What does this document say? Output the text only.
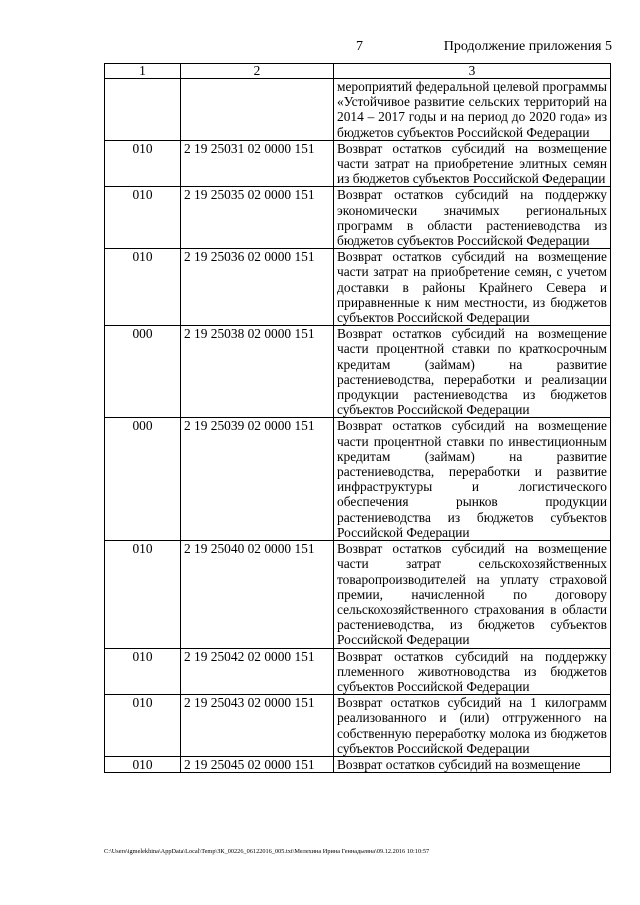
7	Продолжение приложения 5
1	2	3
		мероприятий федеральной целевой программы «Устойчивое развитие сельских территорий на 2014 – 2017 годы и на период до 2020 года» из бюджетов субъектов Российской Федерации
010	2 19 25031 02 0000 151	Возврат остатков субсидий на возмещение части затрат на приобретение элитных семян из бюджетов субъектов Российской Федерации
010	2 19 25035 02 0000 151	Возврат остатков субсидий на поддержку экономически значимых региональных программ в области растениеводства из бюджетов субъектов Российской Федерации
010	2 19 25036 02 0000 151	Возврат остатков субсидий на возмещение части затрат на приобретение семян, с учетом доставки в районы Крайнего Севера и приравненные к ним местности, из бюджетов субъектов Российской Федерации
000	2 19 25038 02 0000 151	Возврат остатков субсидий на возмещение части процентной ставки по краткосрочным кредитам (займам) на развитие растениеводства, переработки и реализации продукции растениеводства из бюджетов субъектов Российской Федерации
000	2 19 25039 02 0000 151	Возврат остатков субсидий на возмещение части процентной ставки по инвестиционным кредитам (займам) на развитие растениеводства, переработки и развитие инфраструктуры и логистического обеспечения рынков продукции растениеводства из бюджетов субъектов Российской Федерации
010	2 19 25040 02 0000 151	Возврат остатков субсидий на возмещение части затрат сельскохозяйственных товаропроизводителей на уплату страховой премии, начисленной по договору сельскохозяйственного страхования в области растениеводства, из бюджетов субъектов Российской Федерации
010	2 19 25042 02 0000 151	Возврат остатков субсидий на поддержку племенного животноводства из бюджетов субъектов Российской Федерации
010	2 19 25043 02 0000 151	Возврат остатков субсидий на 1 килограмм реализованного и (или) отгруженного на собственную переработку молока из бюджетов субъектов Российской Федерации
010	2 19 25045 02 0000 151	Возврат остатков субсидий на возмещение
C:\Users\igmelekhina\AppData\Local\Temp\ЗК_00226_06122016_005.txt\Мелехина Ирина Геннадьевна\09.12.2016 10:10:57
